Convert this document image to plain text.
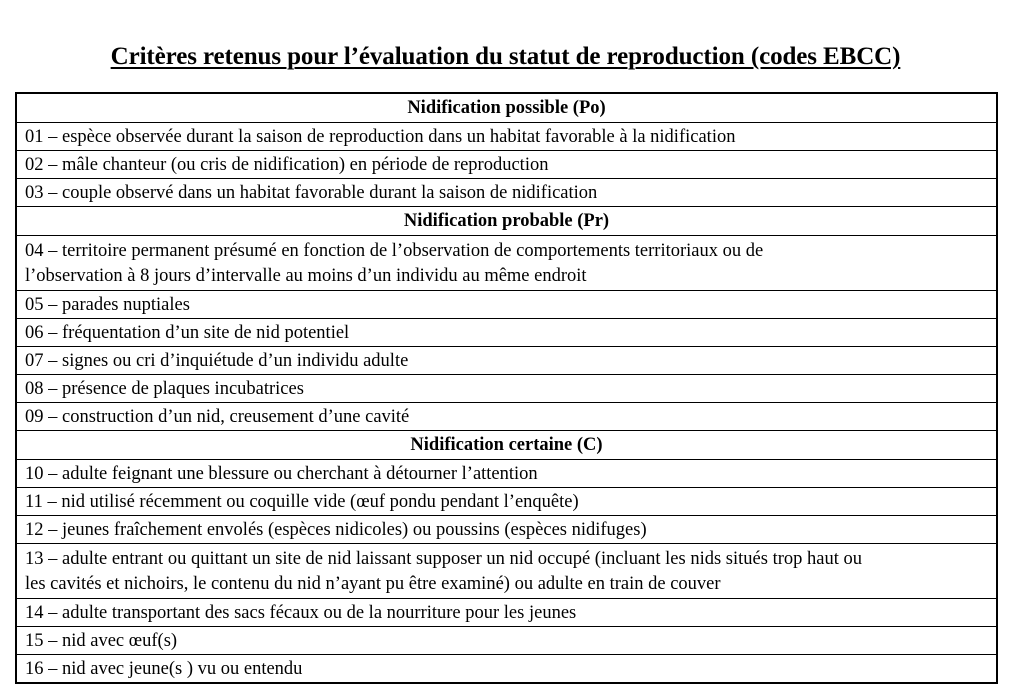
Critères retenus pour l’évaluation du statut de reproduction (codes EBCC)
Nidification possible (Po)
01 – espèce observée durant la saison de reproduction dans un habitat favorable à la nidification
02 – mâle chanteur (ou cris de nidification) en période de reproduction
03 – couple observé dans un habitat favorable durant la saison de nidification
Nidification probable (Pr)

04 – territoire permanent présumé en fonction de l’observation de comportements territoriaux ou de
l’observation à 8 jours d’intervalle au moins d’un individu au même endroit

05 – parades nuptiales
06 – fréquentation d’un site de nid potentiel
07 – signes ou cri d’inquiétude d’un individu adulte
08 – présence de plaques incubatrices
09 – construction d’un nid, creusement d’une cavité
Nidification certaine (C)
10 – adulte feignant une blessure ou cherchant à détourner l’attention
11 – nid utilisé récemment ou coquille vide (œuf pondu pendant l’enquête)
12 – jeunes fraîchement envolés (espèces nidicoles) ou poussins (espèces nidifuges)

13 – adulte entrant ou quittant un site de nid laissant supposer un nid occupé (incluant les nids situés trop haut ou
les cavités et nichoirs, le contenu du nid n’ayant pu être examiné) ou adulte en train de couver

14 – adulte transportant des sacs fécaux ou de la nourriture pour les jeunes
15 – nid avec œuf(s)
16 – nid avec jeune(s ) vu ou entendu
